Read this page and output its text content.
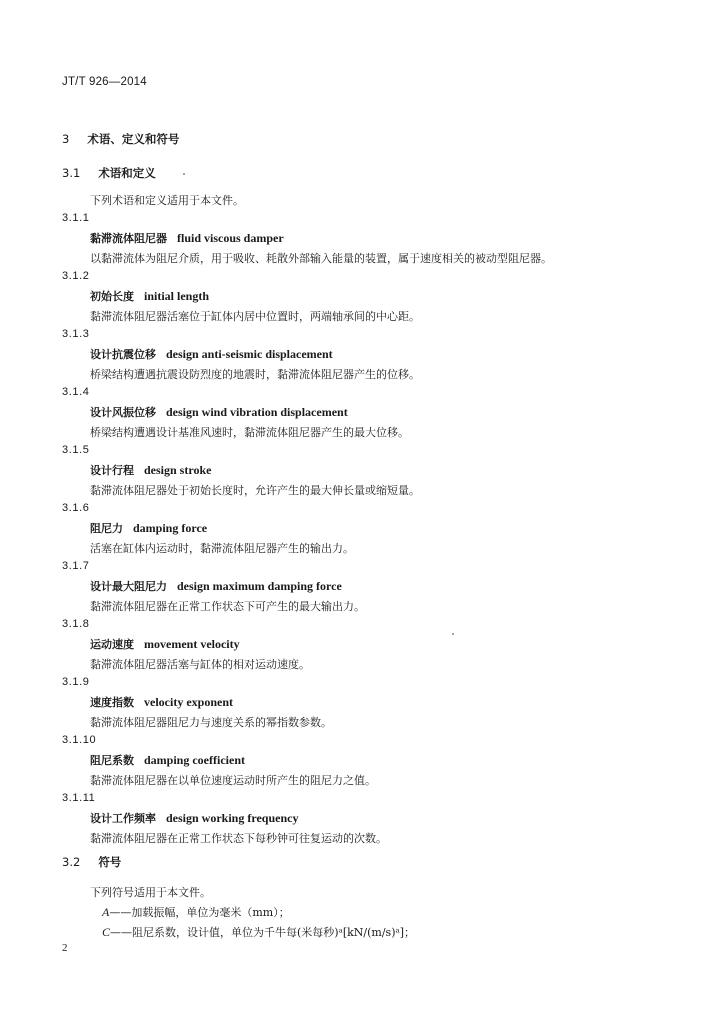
JT/T 926—2014
3 术语、定义和符号
3.1 术语和定义
下列术语和定义适用于本文件。
3.1.1
黏滞流体阻尼器 fluid viscous damper
以黏滞流体为阻尼介质，用于吸收、耗散外部输入能量的装置，属于速度相关的被动型阻尼器。
3.1.2
初始长度 initial length
黏滞流体阻尼器活塞位于缸体内居中位置时，两端轴承间的中心距。
3.1.3
设计抗震位移 design anti-seismic displacement
桥梁结构遭遇抗震设防烈度的地震时，黏滞流体阻尼器产生的位移。
3.1.4
设计风振位移 design wind vibration displacement
桥梁结构遭遇设计基准风速时，黏滞流体阻尼器产生的最大位移。
3.1.5
设计行程 design stroke
黏滞流体阻尼器处于初始长度时，允许产生的最大伸长量或缩短量。
3.1.6
阻尼力 damping force
活塞在缸体内运动时，黏滞流体阻尼器产生的输出力。
3.1.7
设计最大阻尼力 design maximum damping force
黏滞流体阻尼器在正常工作状态下可产生的最大输出力。
3.1.8
运动速度 movement velocity
黏滞流体阻尼器活塞与缸体的相对运动速度。
3.1.9
速度指数 velocity exponent
黏滞流体阻尼器阻尼力与速度关系的幂指数参数。
3.1.10
阻尼系数 damping coefficient
黏滞流体阻尼器在以单位速度运动时所产生的阻尼力之值。
3.1.11
设计工作频率 design working frequency
黏滞流体阻尼器在正常工作状态下每秒钟可往复运动的次数。
3.2 符号
下列符号适用于本文件。
A——加载振幅，单位为毫米（mm）；
C——阻尼系数，设计值，单位为千牛每(米每秒)ᵃ[kN/(m/s)ᵃ]；
2
